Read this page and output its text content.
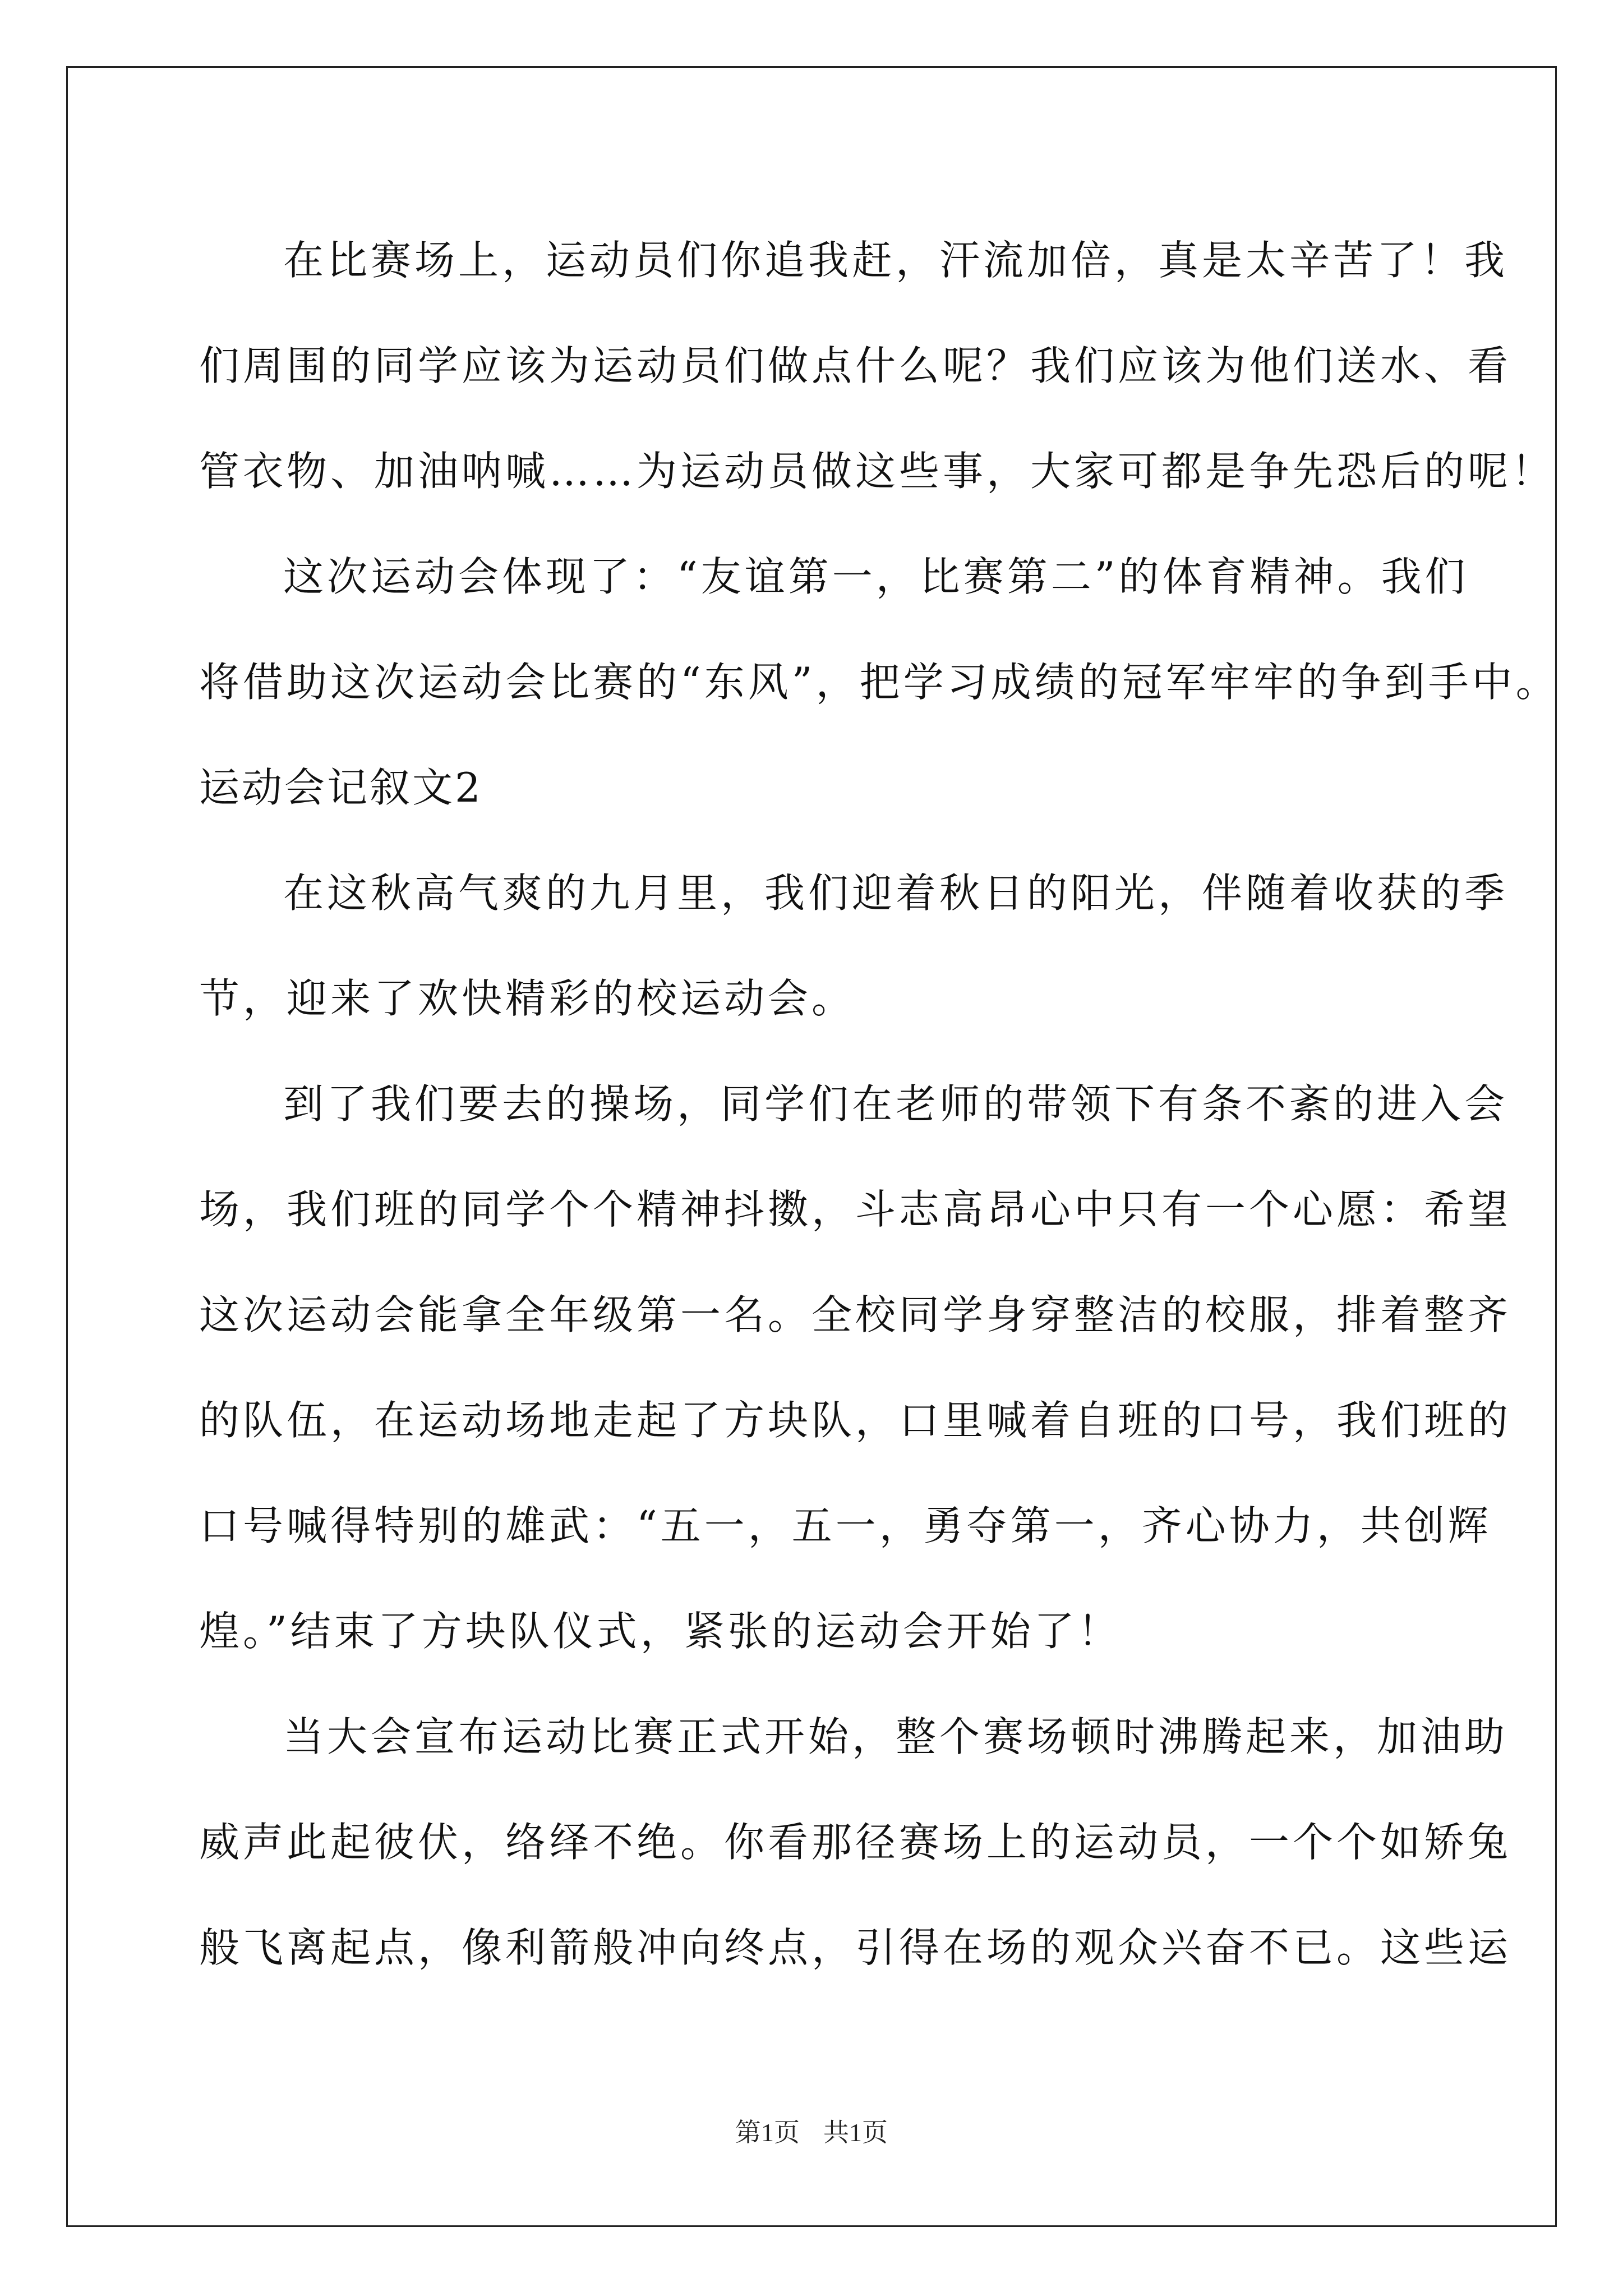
在比赛场上，运动员们你追我赶，汗流加倍，真是太辛苦了！我
们周围的同学应该为运动员们做点什么呢？我们应该为他们送水、看
管衣物、加油呐喊……为运动员做这些事，大家可都是争先恐后的呢！
这次运动会体现了：“友谊第一，比赛第二”的体育精神。我们
将借助这次运动会比赛的“东风”，把学习成绩的冠军牢牢的争到手中。
运动会记叙文2
在这秋高气爽的九月里，我们迎着秋日的阳光，伴随着收获的季
节，迎来了欢快精彩的校运动会。
到了我们要去的操场，同学们在老师的带领下有条不紊的进入会
场，我们班的同学个个精神抖擞，斗志高昂心中只有一个心愿：希望
这次运动会能拿全年级第一名。全校同学身穿整洁的校服，排着整齐
的队伍，在运动场地走起了方块队，口里喊着自班的口号，我们班的
口号喊得特别的雄武：“五一，五一，勇夺第一，齐心协力，共创辉
煌。”结束了方块队仪式，紧张的运动会开始了！
当大会宣布运动比赛正式开始，整个赛场顿时沸腾起来，加油助
威声此起彼伏，络绎不绝。你看那径赛场上的运动员，一个个如矫兔
般飞离起点，像利箭般冲向终点，引得在场的观众兴奋不已。这些运
第1页 共1页
